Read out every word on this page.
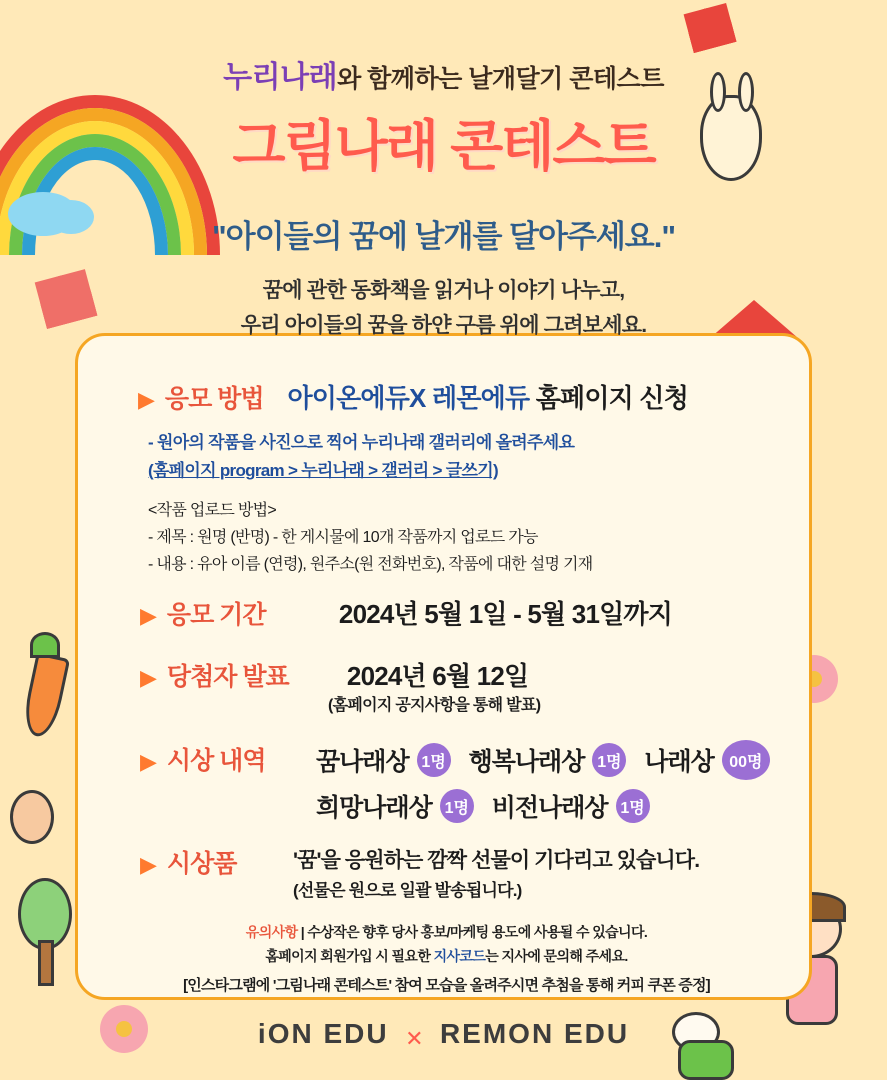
누리나래와 함께하는 날개달기 콘테스트
그림나래 콘테스트
"아이들의 꿈에 날개를 달아주세요."
꿈에 관한 동화책을 읽거나 이야기 나누고,
우리 아이들의 꿈을 하얀 구름 위에 그려보세요.
▶ 응모 방법 아이온에듀X 레몬에듀 홈페이지 신청
- 원아의 작품을 사진으로 찍어 누리나래 갤러리에 올려주세요
(홈페이지 program > 누리나래 > 갤러리 > 글쓰기)
<작품 업로드 방법>
- 제목 : 원명 (반명) - 한 게시물에 10개 작품까지 업로드 가능
- 내용 : 유아 이름 (연령), 원주소(원 전화번호), 작품에 대한 설명 기재
▶ 응모 기간	2024년 5월 1일 - 5월 31일까지
▶ 당첨자 발표	2024년 6월 12일
(홈페이지 공지사항을 통해 발표)
▶ 시상 내역	꿈나래상 1명 행복나래상 1명 나래상 00명
희망나래상 1명 비전나래상 1명
▶ 시상품	'꿈'을 응원하는 깜짝 선물이 기다리고 있습니다.
(선물은 원으로 일괄 발송됩니다.)
유의사항 | 수상작은 향후 당사 홍보/마케팅 용도에 사용될 수 있습니다.
홈페이지 회원가입 시 필요한 지사코드는 지사에 문의해 주세요.
[인스타그램에 '그림나래 콘테스트' 참여 모습을 올려주시면 추첨을 통해 커피 쿠폰 증정]
iON EDU ✕ REMON EDU
